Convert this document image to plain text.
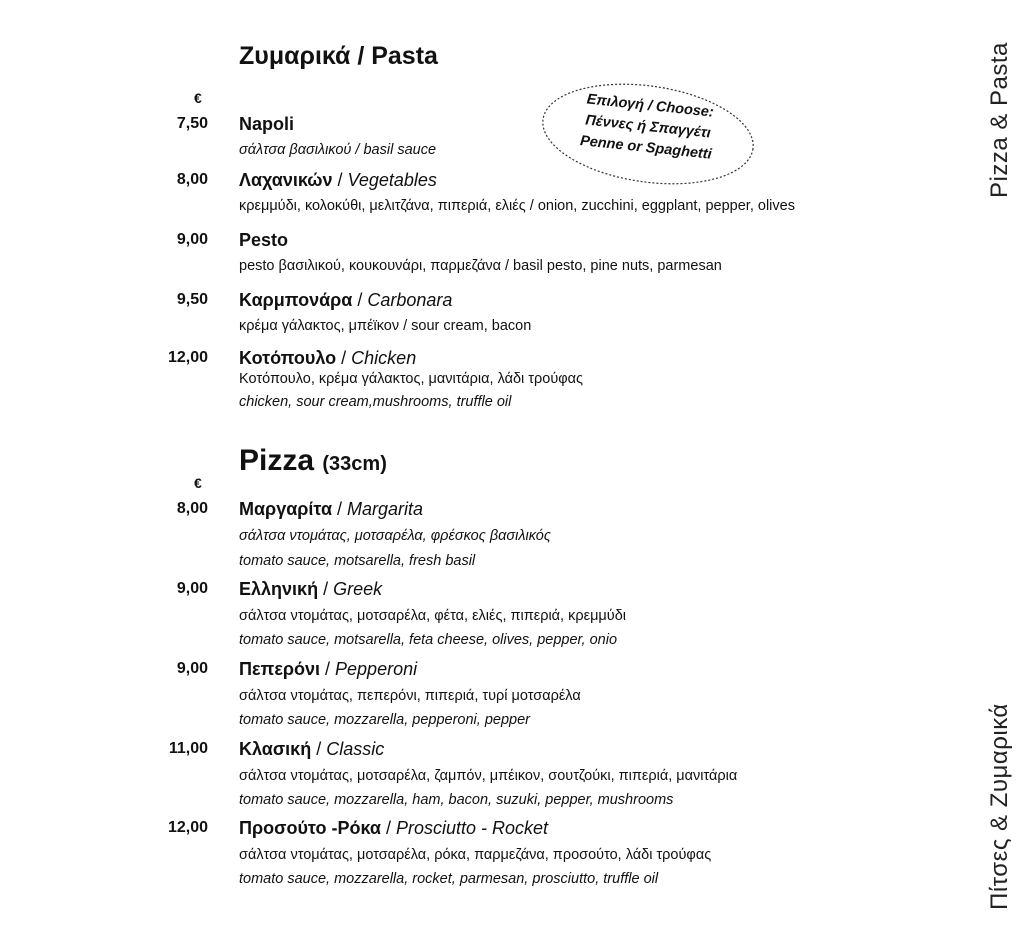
Ζυμαρικά / Pasta
€	Επιλογή / Choose:
Πέννες ή Σπαγγέτι
Penne or Spaghetti
7,50 Napoli
σάλτσα βασιλικού / basil sauce
8,00 Λαχανικών / Vegetables
κρεμμύδι, κολοκύθι, μελιτζάνα, πιπεριά, ελιές / onion, zucchini, eggplant, pepper, olives
9,00 Pesto
pesto βασιλικού, κουκουνάρι, παρμεζάνα / basil pesto, pine nuts, parmesan
9,50 Καρμπονάρα / Carbonara
κρέμα γάλακτος, μπέϊκον / sour cream, bacon
12,00 Κοτόπουλο / Chicken
Κοτόπουλο, κρέμα γάλακτος, μανιτάρια, λάδι τρούφας
chicken, sour cream,mushrooms, truffle oil
Pizza (33cm)
€
8,00 Μαργαρίτα / Margarita
σάλτσα ντομάτας, μοτσαρέλα, φρέσκος βασιλικός
tomato sauce, motsarella, fresh basil
9,00 Ελληνική / Greek
σάλτσα ντομάτας, μοτσαρέλα, φέτα, ελιές, πιπεριά, κρεμμύδι
tomato sauce, motsarella, feta cheese, olives, pepper, onio
9,00 Πεπερόνι / Pepperoni
σάλτσα ντομάτας, πεπερόνι, πιπεριά, τυρί μοτσαρέλα
tomato sauce, mozzarella, pepperoni, pepper
11,00 Κλασική / Classic
σάλτσα ντομάτας, μοτσαρέλα, ζαμπόν, μπέικον, σουτζούκι, πιπεριά, μανιτάρια
tomato sauce, mozzarella, ham, bacon, suzuki, pepper, mushrooms
12,00 Προσούτο -Ρόκα / Prosciutto - Rocket
σάλτσα ντομάτας, μοτσαρέλα, ρόκα, παρμεζάνα, προσούτο, λάδι τρούφας
tomato sauce, mozzarella, rocket, parmesan, prosciutto, truffle oil	Πίτσες & Ζυμαρικά
Pizza & Pasta
